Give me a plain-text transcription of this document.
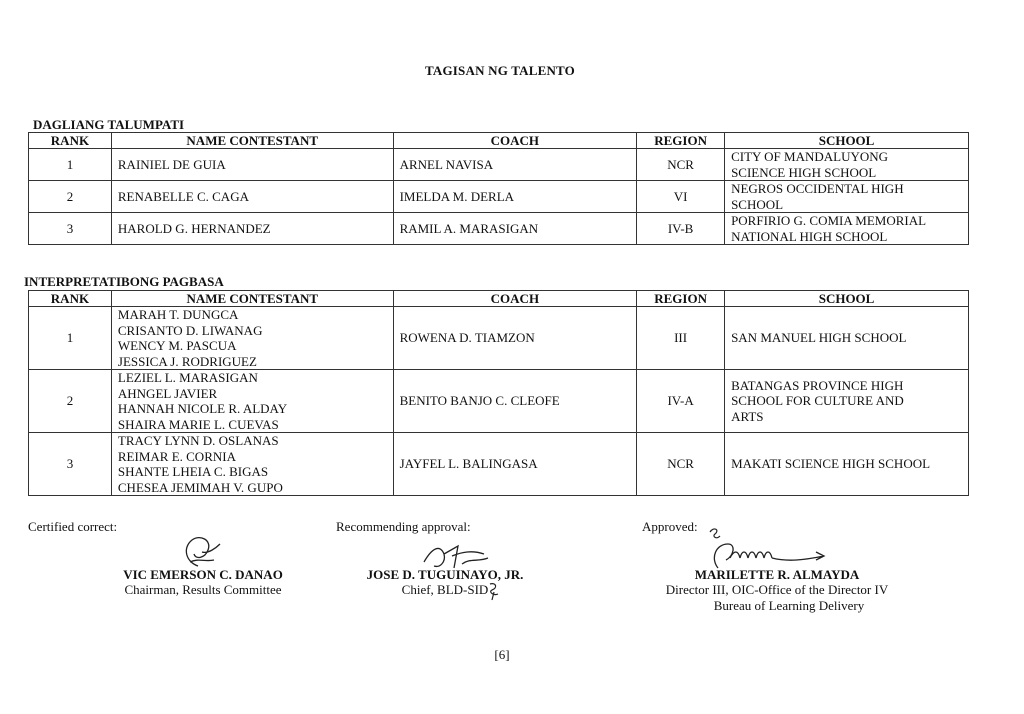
TAGISAN NG TALENTO
DAGLIANG TALUMPATI
RANK	NAME CONTESTANT	COACH	REGION	SCHOOL
1	RAINIEL DE GUIA	ARNEL NAVISA	NCR	CITY OF MANDALUYONG
SCIENCE HIGH SCHOOL

2	RENABELLE C. CAGA	IMELDA M. DERLA	VI	NEGROS OCCIDENTAL HIGH
SCHOOL

3	HAROLD G. HERNANDEZ	RAMIL A. MARASIGAN	IV-B	PORFIRIO G. COMIA MEMORIAL
NATIONAL HIGH SCHOOL
INTERPRETATIBONG PAGBASA
RANK	NAME CONTESTANT	COACH	REGION	SCHOOL
1	MARAH T. DUNGCA
CRISANTO D. LIWANAG
WENCY M. PASCUA
JESSICA J. RODRIGUEZ	ROWENA D. TIAMZON	III	SAN MANUEL HIGH SCHOOL

2	LEZIEL L. MARASIGAN
AHNGEL JAVIER
HANNAH NICOLE R. ALDAY
SHAIRA MARIE L. CUEVAS	BENITO BANJO C. CLEOFE	IV-A	BATANGAS PROVINCE HIGH
SCHOOL FOR CULTURE AND
ARTS

3	TRACY LYNN D. OSLANAS
REIMAR E. CORNIA
SHANTE LHEIA C. BIGAS
CHESEA JEMIMAH V. GUPO	JAYFEL L. BALINGASA	NCR	MAKATI SCIENCE HIGH SCHOOL
Certified correct:
VIC EMERSON C. DANAO
Chairman, Results Committee
Recommending approval:
JOSE D. TUGUINAYO, JR.
Chief, BLD-SID
Approved:
MARILETTE R. ALMAYDA
Director III, OIC-Office of the Director IV
Bureau of Learning Delivery
[6]
